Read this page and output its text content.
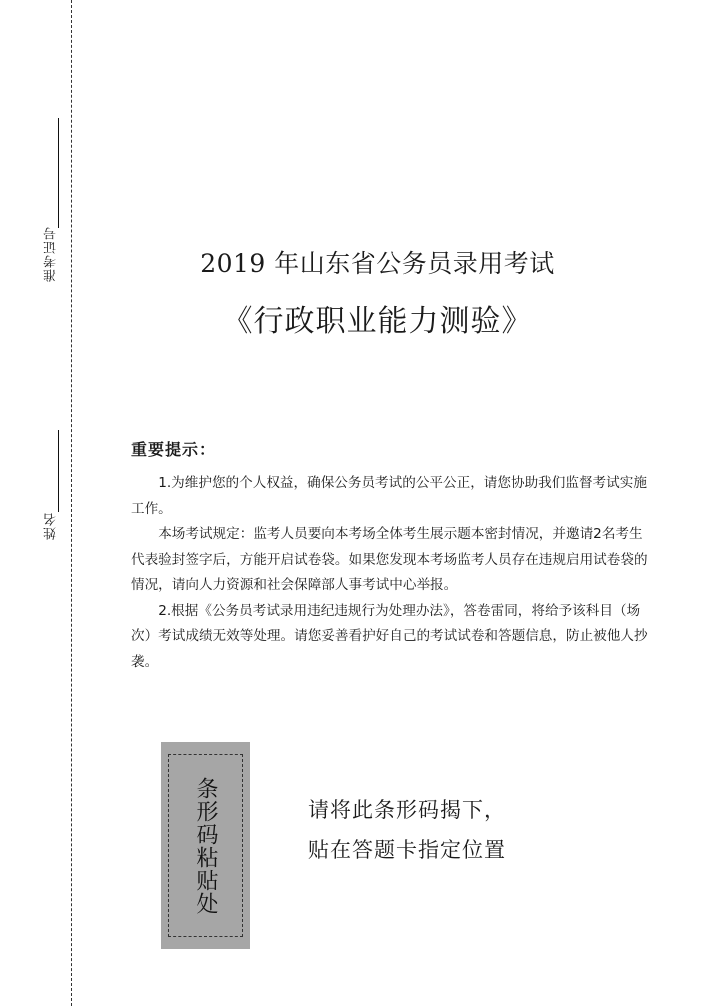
准考证号
姓名
2019 年山东省公务员录用考试
《行政职业能力测验》
重要提示：

1.为维护您的个人权益，确保公务员考试的公平公正，请您协助我们监督考试实施工作。

本场考试规定：监考人员要向本考场全体考生展示题本密封情况，并邀请2名考生代表验封签字后，方能开启试卷袋。如果您发现本考场监考人员存在违规启用试卷袋的情况，请向人力资源和社会保障部人事考试中心举报。

2.根据《公务员考试录用违纪违规行为处理办法》，答卷雷同，将给予该科目（场次）考试成绩无效等处理。请您妥善看护好自己的考试试卷和答题信息，防止被他人抄袭。

条形码粘贴处	请将此条形码揭下，
贴在答题卡指定位置
